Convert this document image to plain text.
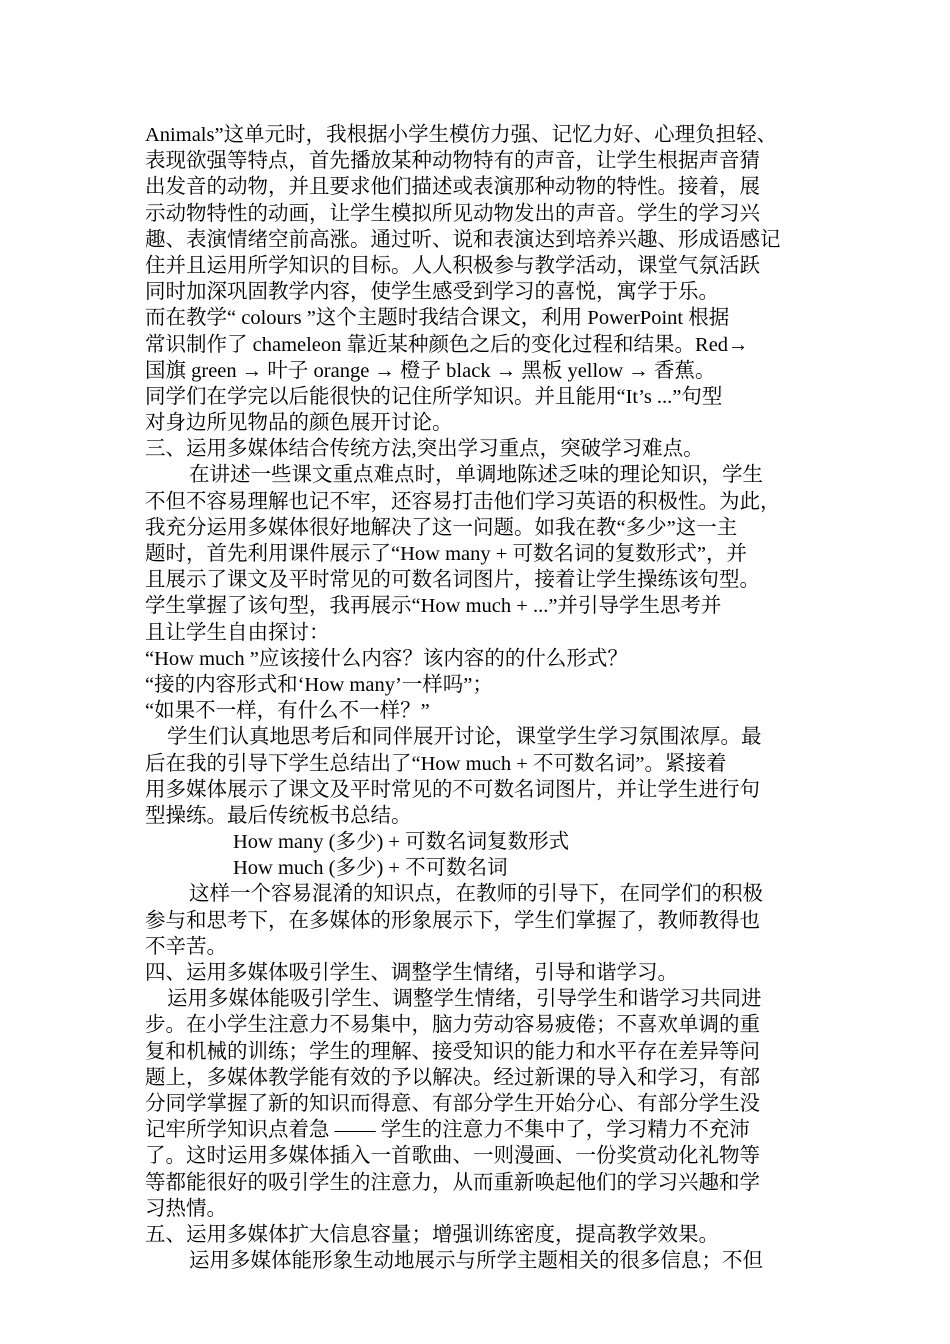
Animals”这单元时，我根据小学生模仿力强、记忆力好、心理负担轻、
表现欲强等特点，首先播放某种动物特有的声音，让学生根据声音猜
出发音的动物，并且要求他们描述或表演那种动物的特性。接着，展
示动物特性的动画，让学生模拟所见动物发出的声音。学生的学习兴
趣、表演情绪空前高涨。通过听、说和表演达到培养兴趣、形成语感记
住并且运用所学知识的目标。人人积极参与教学活动，课堂气氛活跃
同时加深巩固教学内容，使学生感受到学习的喜悦，寓学于乐。
而在教学“ colours ”这个主题时我结合课文，利用 PowerPoint 根据
常识制作了 chameleon 靠近某种颜色之后的变化过程和结果。Red→
国旗 green → 叶子 orange → 橙子 black → 黑板 yellow → 香蕉。
同学们在学完以后能很快的记住所学知识。并且能用“It’s ...”句型
对身边所见物品的颜色展开讨论。
三、运用多媒体结合传统方法,突出学习重点，突破学习难点。
在讲述一些课文重点难点时，单调地陈述乏味的理论知识，学生
不但不容易理解也记不牢，还容易打击他们学习英语的积极性。为此，
我充分运用多媒体很好地解决了这一问题。如我在教“多少”这一主
题时，首先利用课件展示了“How many + 可数名词的复数形式”，并
且展示了课文及平时常见的可数名词图片，接着让学生操练该句型。
学生掌握了该句型，我再展示“How much + ...”并引导学生思考并
且让学生自由探讨：
“How much ”应该接什么内容？该内容的的什么形式？
“接的内容形式和‘How many’一样吗”；
“如果不一样，有什么不一样？”
学生们认真地思考后和同伴展开讨论，课堂学生学习氛围浓厚。最
后在我的引导下学生总结出了“How much + 不可数名词”。紧接着
用多媒体展示了课文及平时常见的不可数名词图片，并让学生进行句
型操练。最后传统板书总结。
How many (多少) + 可数名词复数形式
How much (多少) + 不可数名词
这样一个容易混淆的知识点，在教师的引导下，在同学们的积极
参与和思考下，在多媒体的形象展示下，学生们掌握了，教师教得也
不辛苦。
四、运用多媒体吸引学生、调整学生情绪，引导和谐学习。
运用多媒体能吸引学生、调整学生情绪，引导学生和谐学习共同进
步。在小学生注意力不易集中，脑力劳动容易疲倦；不喜欢单调的重
复和机械的训练；学生的理解、接受知识的能力和水平存在差异等问
题上，多媒体教学能有效的予以解决。经过新课的导入和学习，有部
分同学掌握了新的知识而得意、有部分学生开始分心、有部分学生没
记牢所学知识点着急 —— 学生的注意力不集中了，学习精力不充沛
了。这时运用多媒体插入一首歌曲、一则漫画、一份奖赏动化礼物等
等都能很好的吸引学生的注意力，从而重新唤起他们的学习兴趣和学
习热情。
五、运用多媒体扩大信息容量；增强训练密度，提高教学效果。
运用多媒体能形象生动地展示与所学主题相关的很多信息；不但
